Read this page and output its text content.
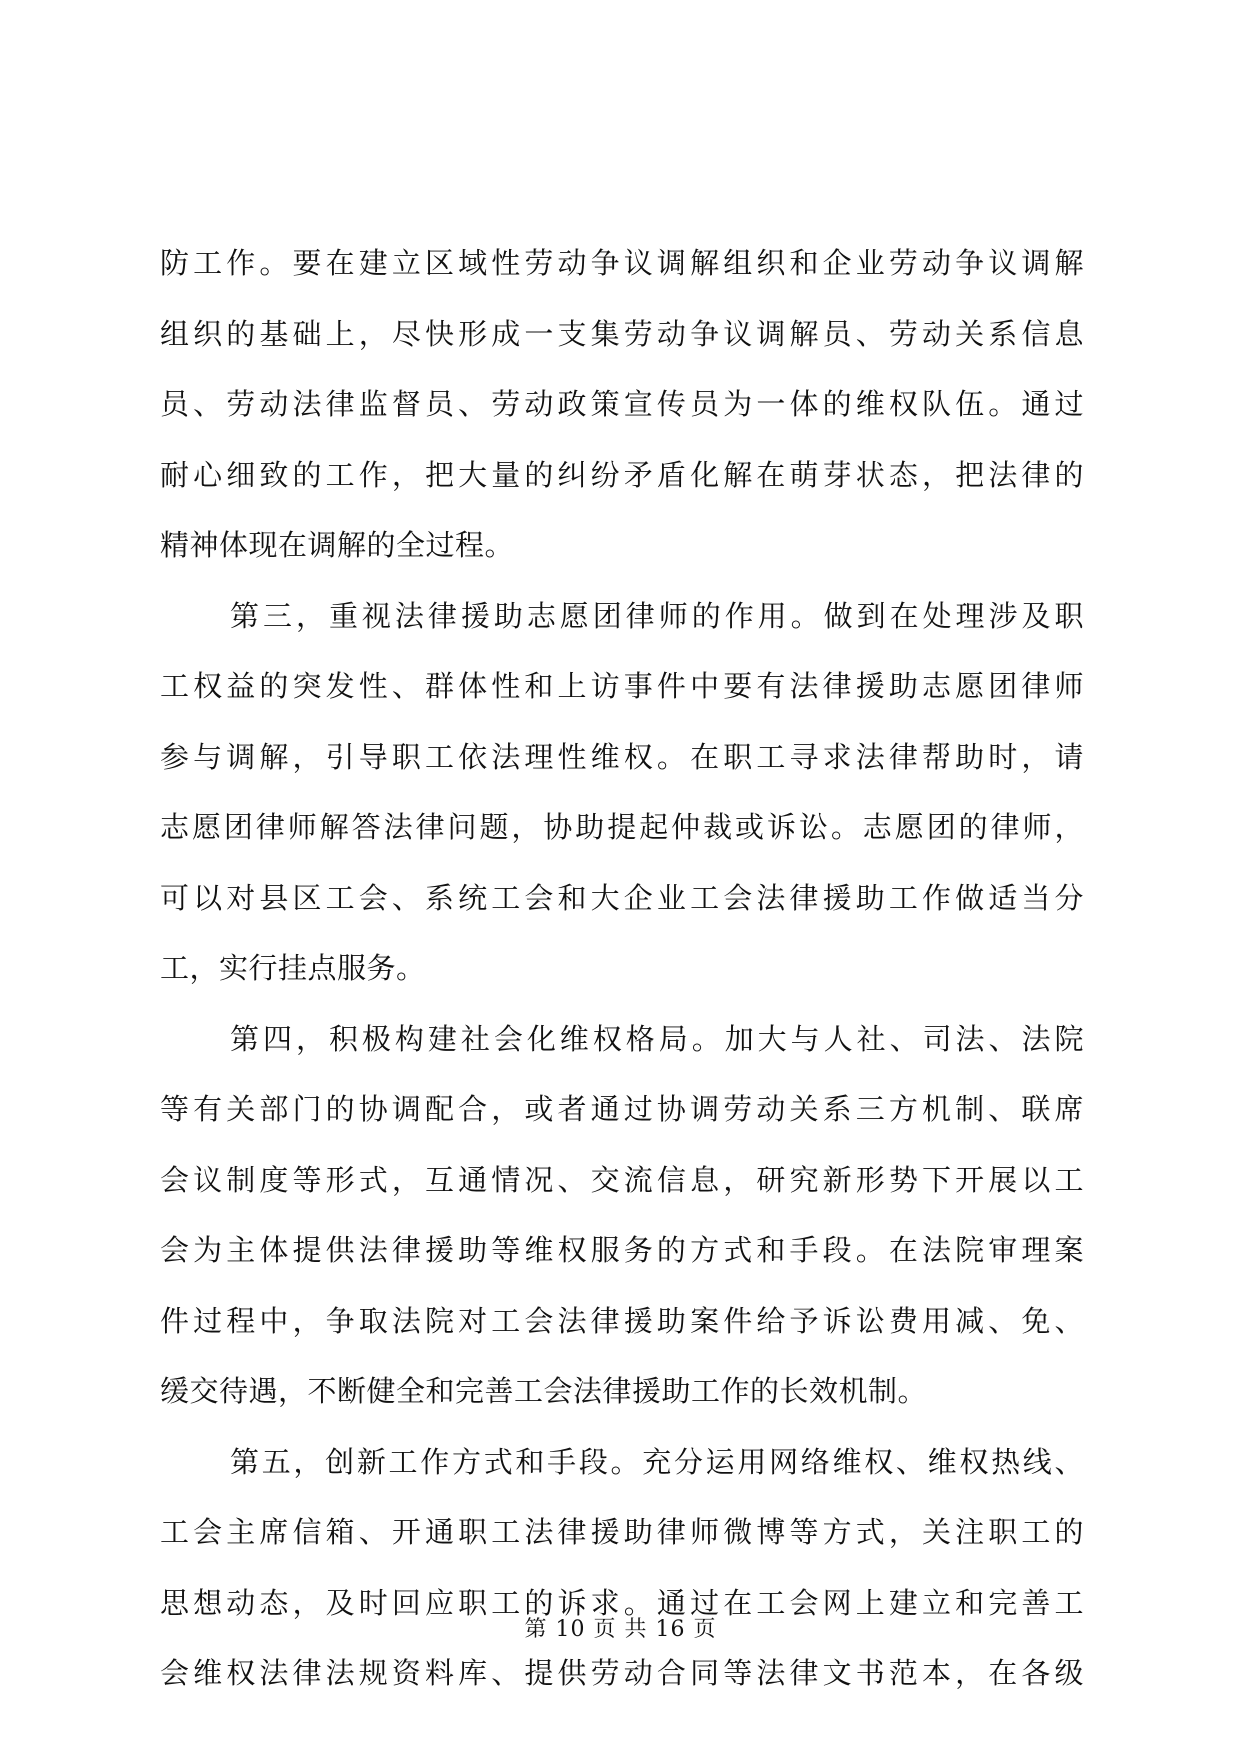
防工作。要在建立区域性劳动争议调解组织和企业劳动争议调解
组织的基础上，尽快形成一支集劳动争议调解员、劳动关系信息
员、劳动法律监督员、劳动政策宣传员为一体的维权队伍。通过
耐心细致的工作，把大量的纠纷矛盾化解在萌芽状态，把法律的
精神体现在调解的全过程。
第三，重视法律援助志愿团律师的作用。做到在处理涉及职
工权益的突发性、群体性和上访事件中要有法律援助志愿团律师
参与调解，引导职工依法理性维权。在职工寻求法律帮助时，请
志愿团律师解答法律问题，协助提起仲裁或诉讼。志愿团的律师，
可以对县区工会、系统工会和大企业工会法律援助工作做适当分
工，实行挂点服务。
第四，积极构建社会化维权格局。加大与人社、司法、法院
等有关部门的协调配合，或者通过协调劳动关系三方机制、联席
会议制度等形式，互通情况、交流信息，研究新形势下开展以工
会为主体提供法律援助等维权服务的方式和手段。在法院审理案
件过程中，争取法院对工会法律援助案件给予诉讼费用减、免、
缓交待遇，不断健全和完善工会法律援助工作的长效机制。
第五，创新工作方式和手段。充分运用网络维权、维权热线、
工会主席信箱、开通职工法律援助律师微博等方式，关注职工的
思想动态，及时回应职工的诉求。通过在工会网上建立和完善工
会维权法律法规资料库、提供劳动合同等法律文书范本，在各级
第 10 页 共 16 页
